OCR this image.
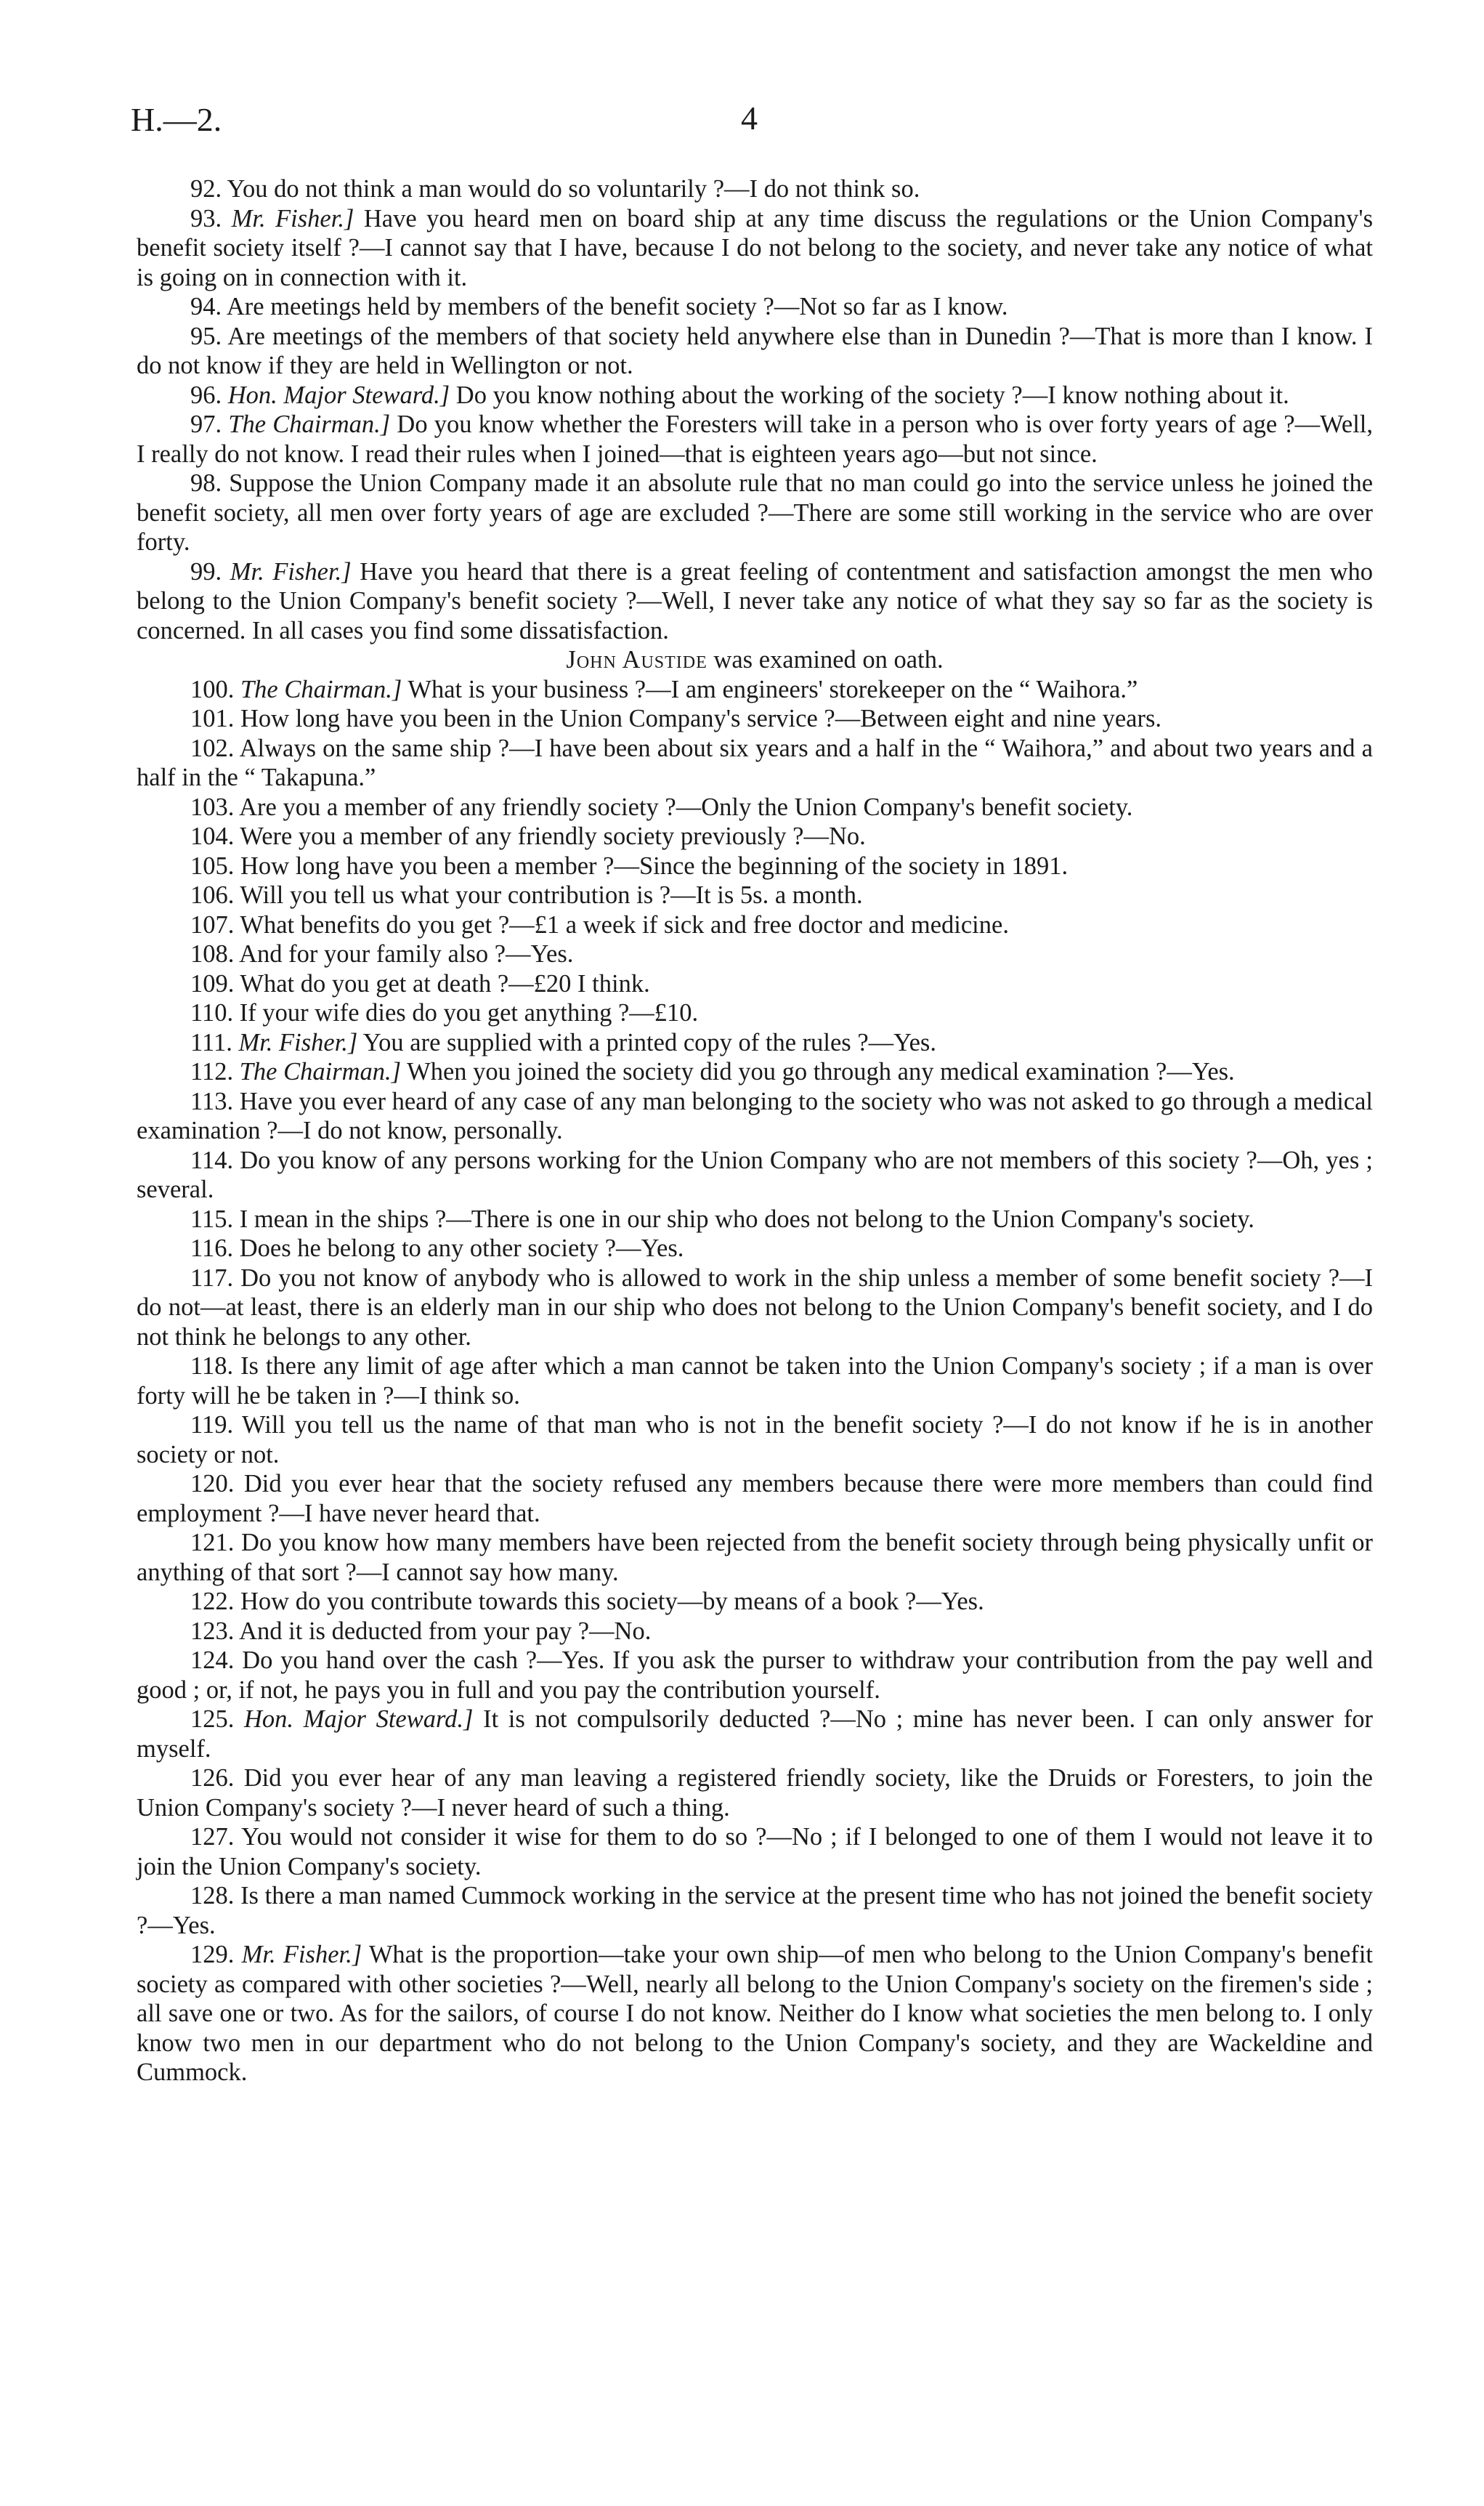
H.—2.	4

92. You do not think a man would do so voluntarily ?—I do not think so.

93. Mr. Fisher.] Have you heard men on board ship at any time discuss the regulations or the Union Company's benefit society itself ?—I cannot say that I have, because I do not belong to the society, and never take any notice of what is going on in connection with it.

94. Are meetings held by members of the benefit society ?—Not so far as I know.

95. Are meetings of the members of that society held anywhere else than in Dunedin ?—That is more than I know. I do not know if they are held in Wellington or not.

96. Hon. Major Steward.] Do you know nothing about the working of the society ?—I know nothing about it.

97. The Chairman.] Do you know whether the Foresters will take in a person who is over forty years of age ?—Well, I really do not know. I read their rules when I joined—that is eighteen years ago—but not since.

98. Suppose the Union Company made it an absolute rule that no man could go into the service unless he joined the benefit society, all men over forty years of age are excluded ?—There are some still working in the service who are over forty.

99. Mr. Fisher.] Have you heard that there is a great feeling of contentment and satisfaction amongst the men who belong to the Union Company's benefit society ?—Well, I never take any notice of what they say so far as the society is concerned. In all cases you find some dissatisfaction.

John Austide was examined on oath.

100. The Chairman.] What is your business ?—I am engineers' storekeeper on the “ Waihora.”

101. How long have you been in the Union Company's service ?—Between eight and nine years.

102. Always on the same ship ?—I have been about six years and a half in the “ Waihora,” and about two years and a half in the “ Takapuna.”

103. Are you a member of any friendly society ?—Only the Union Company's benefit society.

104. Were you a member of any friendly society previously ?—No.

105. How long have you been a member ?—Since the beginning of the society in 1891.

106. Will you tell us what your contribution is ?—It is 5s. a month.

107. What benefits do you get ?—£1 a week if sick and free doctor and medicine.

108. And for your family also ?—Yes.

109. What do you get at death ?—£20 I think.

110. If your wife dies do you get anything ?—£10.

111. Mr. Fisher.] You are supplied with a printed copy of the rules ?—Yes.

112. The Chairman.] When you joined the society did you go through any medical examination ?—Yes.

113. Have you ever heard of any case of any man belonging to the society who was not asked to go through a medical examination ?—I do not know, personally.

114. Do you know of any persons working for the Union Company who are not members of this society ?—Oh, yes ; several.

115. I mean in the ships ?—There is one in our ship who does not belong to the Union Company's society.

116. Does he belong to any other society ?—Yes.

117. Do you not know of anybody who is allowed to work in the ship unless a member of some benefit society ?—I do not—at least, there is an elderly man in our ship who does not belong to the Union Company's benefit society, and I do not think he belongs to any other.

118. Is there any limit of age after which a man cannot be taken into the Union Company's society ; if a man is over forty will he be taken in ?—I think so.

119. Will you tell us the name of that man who is not in the benefit society ?—I do not know if he is in another society or not.

120. Did you ever hear that the society refused any members because there were more members than could find employment ?—I have never heard that.

121. Do you know how many members have been rejected from the benefit society through being physically unfit or anything of that sort ?—I cannot say how many.

122. How do you contribute towards this society—by means of a book ?—Yes.

123. And it is deducted from your pay ?—No.

124. Do you hand over the cash ?—Yes. If you ask the purser to withdraw your contribution from the pay well and good ; or, if not, he pays you in full and you pay the contribution yourself.

125. Hon. Major Steward.] It is not compulsorily deducted ?—No ; mine has never been. I can only answer for myself.

126. Did you ever hear of any man leaving a registered friendly society, like the Druids or Foresters, to join the Union Company's society ?—I never heard of such a thing.

127. You would not consider it wise for them to do so ?—No ; if I belonged to one of them I would not leave it to join the Union Company's society.

128. Is there a man named Cummock working in the service at the present time who has not joined the benefit society ?—Yes.

129. Mr. Fisher.] What is the proportion—take your own ship—of men who belong to the Union Company's benefit society as compared with other societies ?—Well, nearly all belong to the Union Company's society on the firemen's side ; all save one or two. As for the sailors, of course I do not know. Neither do I know what societies the men belong to. I only know two men in our department who do not belong to the Union Company's society, and they are Wackeldine and Cummock.
